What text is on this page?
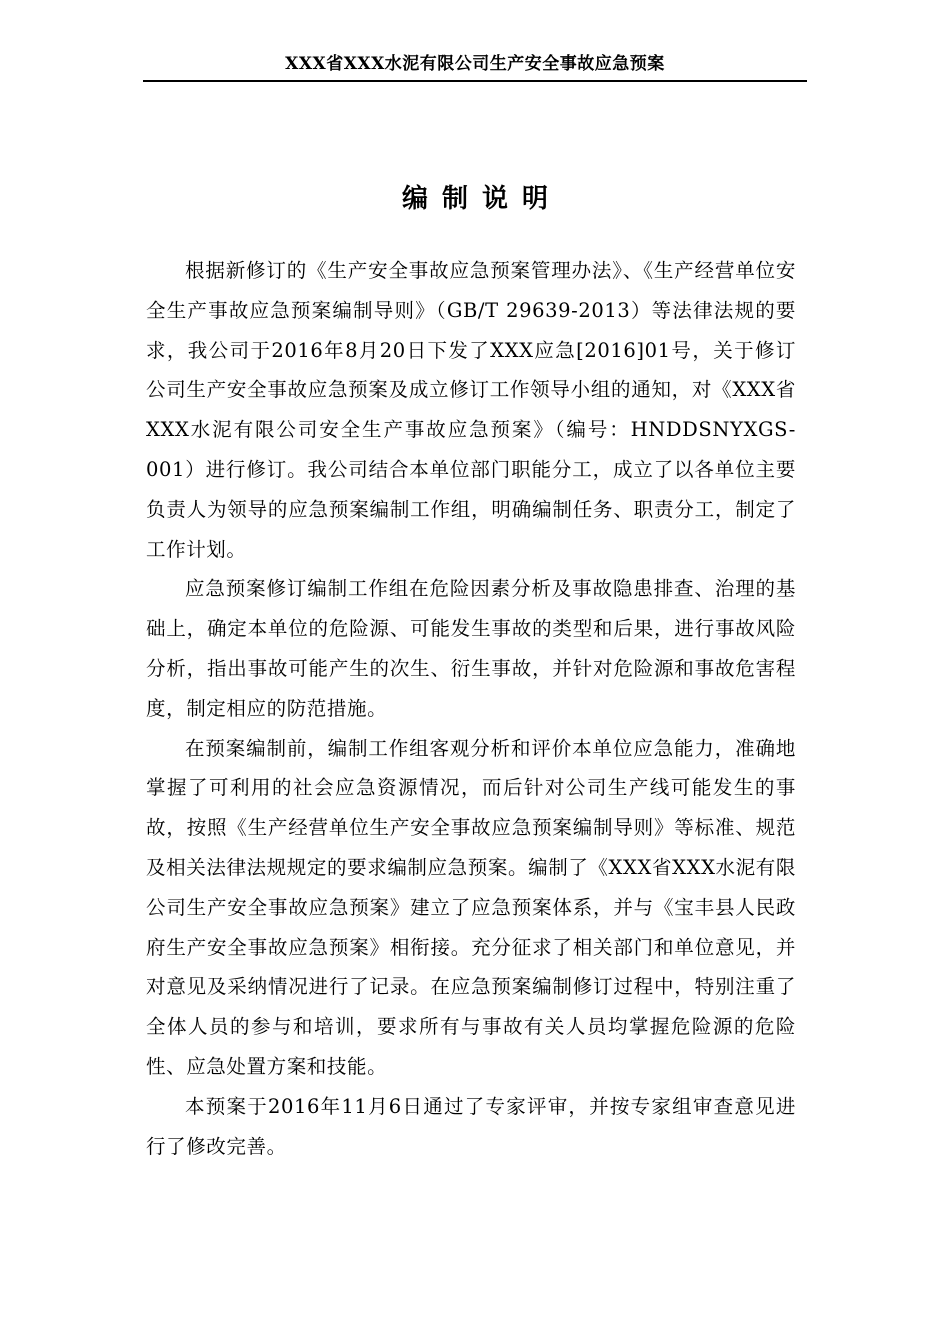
XXX省XXX水泥有限公司生产安全事故应急预案
编制说明

根据新修订的《生产安全事故应急预案管理办法》、《生产经营单位安全生产事故应急预案编制导则》（GB/T 29639-2013）等法律法规的要求，我公司于2016年8月20日下发了XXX应急[2016]01号，关于修订公司生产安全事故应急预案及成立修订工作领导小组的通知，对《XXX省XXX水泥有限公司安全生产事故应急预案》（编号：HNDDSNYXGS-001）进行修订。我公司结合本单位部门职能分工，成立了以各单位主要负责人为领导的应急预案编制工作组，明确编制任务、职责分工，制定了工作计划。

应急预案修订编制工作组在危险因素分析及事故隐患排查、治理的基础上，确定本单位的危险源、可能发生事故的类型和后果，进行事故风险分析，指出事故可能产生的次生、衍生事故，并针对危险源和事故危害程度，制定相应的防范措施。

在预案编制前，编制工作组客观分析和评价本单位应急能力，准确地掌握了可利用的社会应急资源情况，而后针对公司生产线可能发生的事故，按照《生产经营单位生产安全事故应急预案编制导则》等标准、规范及相关法律法规规定的要求编制应急预案。编制了《XXX省XXX水泥有限公司生产安全事故应急预案》建立了应急预案体系，并与《宝丰县人民政府生产安全事故应急预案》相衔接。充分征求了相关部门和单位意见，并对意见及采纳情况进行了记录。在应急预案编制修订过程中，特别注重了全体人员的参与和培训，要求所有与事故有关人员均掌握危险源的危险性、应急处置方案和技能。

本预案于2016年11月6日通过了专家评审，并按专家组审查意见进行了修改完善。
